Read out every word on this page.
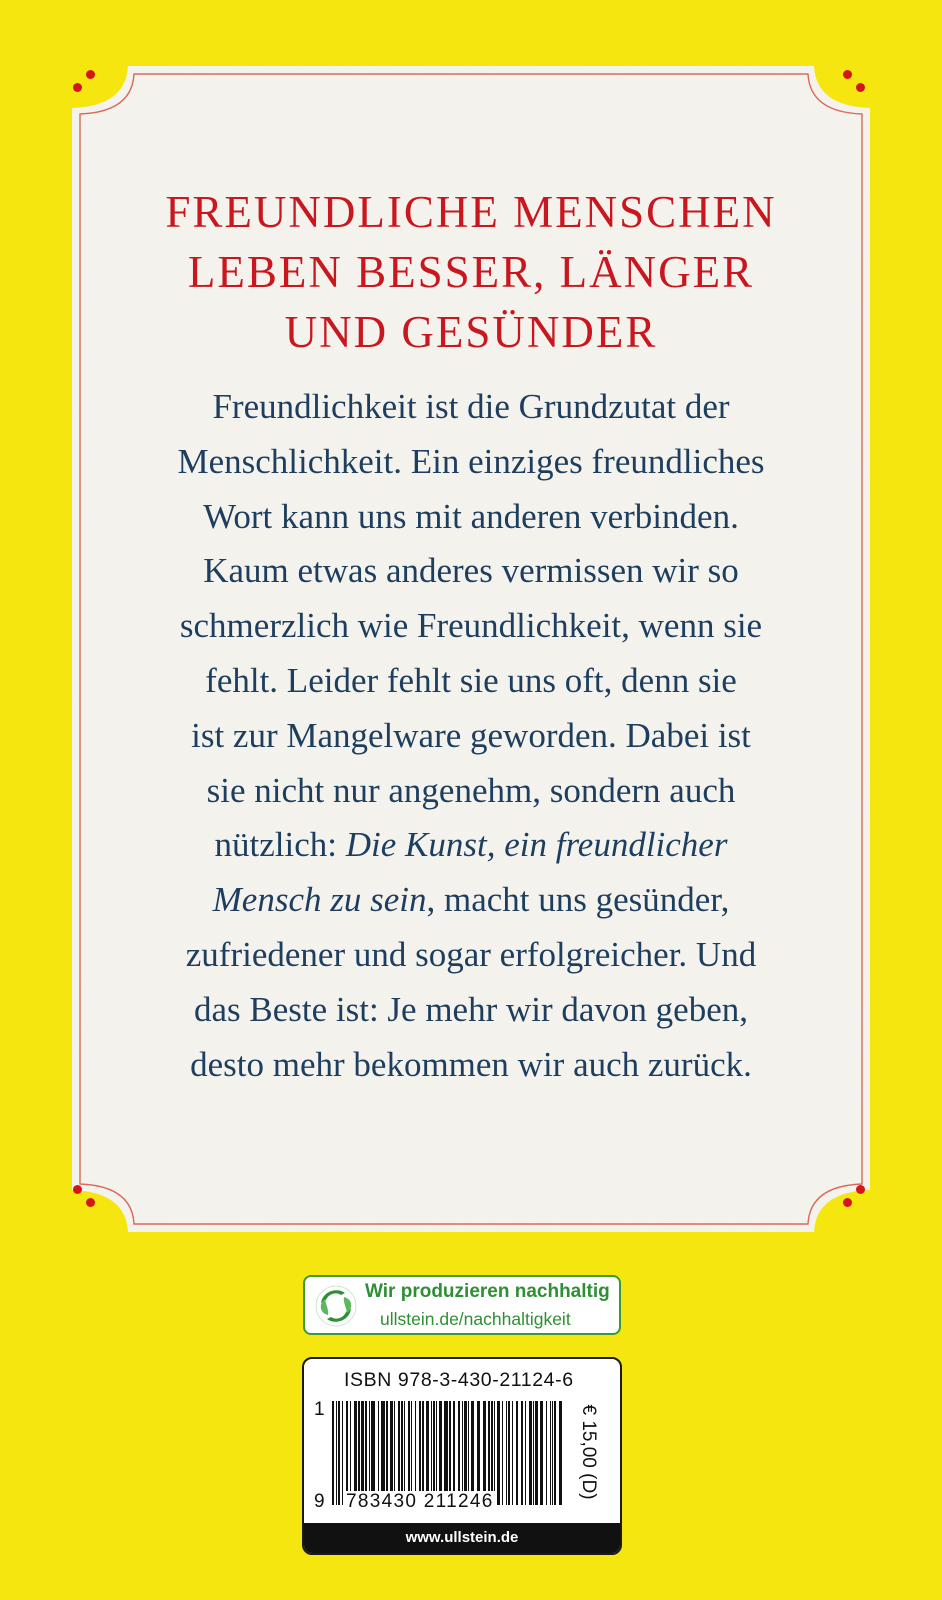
FREUNDLICHE MENSCHEN
LEBEN BESSER, LÄNGER
UND GESÜNDER
Freundlichkeit ist die Grundzutat der
Menschlichkeit. Ein einziges freundliches
Wort kann uns mit anderen verbinden.
Kaum etwas anderes vermissen wir so
schmerzlich wie Freundlichkeit, wenn sie
fehlt. Leider fehlt sie uns oft, denn sie
ist zur Mangelware geworden. Dabei ist
sie nicht nur angenehm, sondern auch
nützlich: Die Kunst, ein freundlicher
Mensch zu sein, macht uns gesünder,
zufriedener und sogar erfolgreicher. Und
das Beste ist: Je mehr wir davon geben,
desto mehr bekommen wir auch zurück.
Wir produzieren nachhaltig
ullstein.de/nachhaltigkeit
ISBN 978-3-430-21124-6
1
9 783430 211246
€ 15,00 (D)
www.ullstein.de
